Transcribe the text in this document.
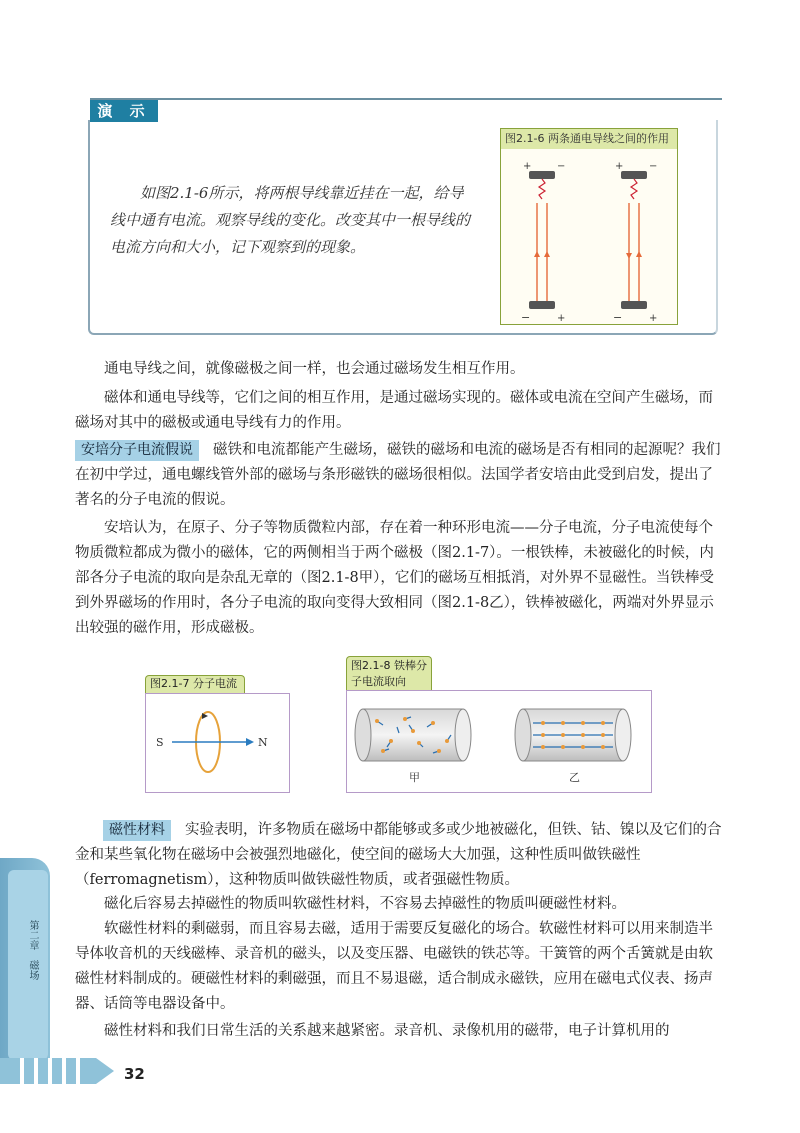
演 示
如图2.1-6所示，将两根导线靠近挂在一起，给导线中通有电流。观察导线的变化。改变其中一根导线的电流方向和大小，记下观察到的现象。
图2.1-6 两条通电导线之间的作用
+	−	+	−
−	+	−	+
通电导线之间，就像磁极之间一样，也会通过磁场发生相互作用。
磁体和通电导线等，它们之间的相互作用，是通过磁场实现的。磁体或电流在空间产生磁场，而磁场对其中的磁极或通电导线有力的作用。
安培分子电流假说 磁铁和电流都能产生磁场，磁铁的磁场和电流的磁场是否有相同的起源呢？我们在初中学过，通电螺线管外部的磁场与条形磁铁的磁场很相似。法国学者安培由此受到启发，提出了著名的分子电流的假说。
安培认为，在原子、分子等物质微粒内部，存在着一种环形电流——分子电流，分子电流使每个物质微粒都成为微小的磁体，它的两侧相当于两个磁极（图2.1-7）。一根铁棒，未被磁化的时候，内部各分子电流的取向是杂乱无章的（图2.1-8甲），它们的磁场互相抵消，对外界不显磁性。当铁棒受到外界磁场的作用时，各分子电流的取向变得大致相同（图2.1-8乙），铁棒被磁化，两端对外界显示出较强的磁作用，形成磁极。
图2.1-7 分子电流
S	N
图2.1-8 铁棒分子电流取向
甲	乙
磁性材料 实验表明，许多物质在磁场中都能够或多或少地被磁化，但铁、钴、镍以及它们的合金和某些氧化物在磁场中会被强烈地磁化，使空间的磁场大大加强，这种性质叫做铁磁性（ferromagnetism），这种物质叫做铁磁性物质，或者强磁性物质。
磁化后容易去掉磁性的物质叫软磁性材料，不容易去掉磁性的物质叫硬磁性材料。
软磁性材料的剩磁弱，而且容易去磁，适用于需要反复磁化的场合。软磁性材料可以用来制造半导体收音机的天线磁棒、录音机的磁头，以及变压器、电磁铁的铁芯等。干簧管的两个舌簧就是由软磁性材料制成的。硬磁性材料的剩磁强，而且不易退磁，适合制成永磁铁，应用在磁电式仪表、扬声器、话筒等电器设备中。
磁性材料和我们日常生活的关系越来越紧密。录音机、录像机用的磁带，电子计算机用的
第二章　磁场
32
